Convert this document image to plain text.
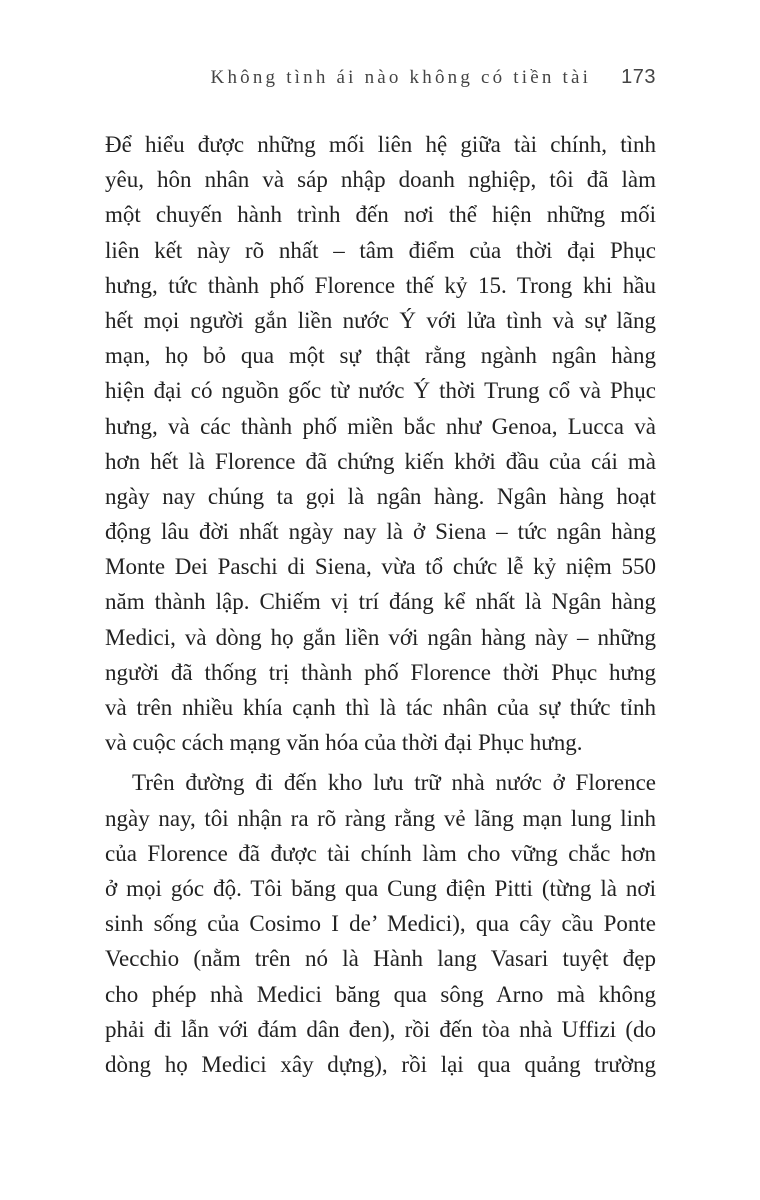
Không tình ái nào không có tiền tài 173
Để hiểu được những mối liên hệ giữa tài chính, tình
yêu, hôn nhân và sáp nhập doanh nghiệp, tôi đã làm
một chuyến hành trình đến nơi thể hiện những mối
liên kết này rõ nhất – tâm điểm của thời đại Phục
hưng, tức thành phố Florence thế kỷ 15. Trong khi hầu
hết mọi người gắn liền nước Ý với lửa tình và sự lãng
mạn, họ bỏ qua một sự thật rằng ngành ngân hàng
hiện đại có nguồn gốc từ nước Ý thời Trung cổ và Phục
hưng, và các thành phố miền bắc như Genoa, Lucca và
hơn hết là Florence đã chứng kiến khởi đầu của cái mà
ngày nay chúng ta gọi là ngân hàng. Ngân hàng hoạt
động lâu đời nhất ngày nay là ở Siena – tức ngân hàng
Monte Dei Paschi di Siena, vừa tổ chức lễ kỷ niệm 550
năm thành lập. Chiếm vị trí đáng kể nhất là Ngân hàng
Medici, và dòng họ gắn liền với ngân hàng này – những
người đã thống trị thành phố Florence thời Phục hưng
và trên nhiều khía cạnh thì là tác nhân của sự thức tỉnh
và cuộc cách mạng văn hóa của thời đại Phục hưng.
Trên đường đi đến kho lưu trữ nhà nước ở Florence
ngày nay, tôi nhận ra rõ ràng rằng vẻ lãng mạn lung linh
của Florence đã được tài chính làm cho vững chắc hơn
ở mọi góc độ. Tôi băng qua Cung điện Pitti (từng là nơi
sinh sống của Cosimo I de’ Medici), qua cây cầu Ponte
Vecchio (nằm trên nó là Hành lang Vasari tuyệt đẹp
cho phép nhà Medici băng qua sông Arno mà không
phải đi lẫn với đám dân đen), rồi đến tòa nhà Uffizi (do
dòng họ Medici xây dựng), rồi lại qua quảng trường
